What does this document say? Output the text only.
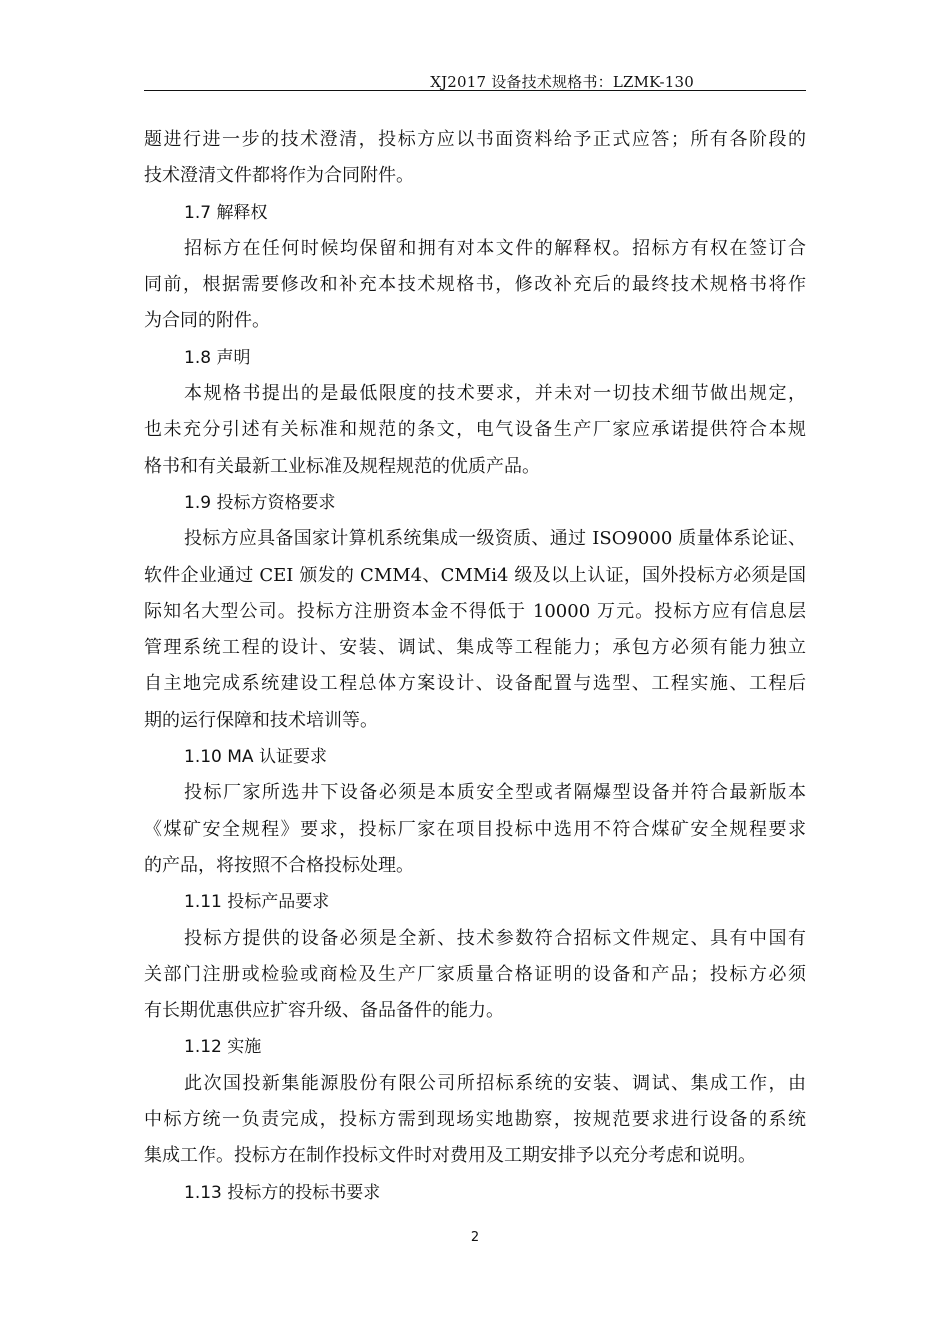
XJ2017 设备技术规格书：LZMK-130
题进行进一步的技术澄清，投标方应以书面资料给予正式应答；所有各阶段的
技术澄清文件都将作为合同附件。
1.7 解释权
招标方在任何时候均保留和拥有对本文件的解释权。招标方有权在签订合
同前，根据需要修改和补充本技术规格书，修改补充后的最终技术规格书将作
为合同的附件。
1.8 声明
本规格书提出的是最低限度的技术要求，并未对一切技术细节做出规定，
也未充分引述有关标准和规范的条文，电气设备生产厂家应承诺提供符合本规
格书和有关最新工业标准及规程规范的优质产品。
1.9 投标方资格要求
投标方应具备国家计算机系统集成一级资质、通过 ISO9000 质量体系论证、
软件企业通过 CEI 颁发的 CMM4、CMMi4 级及以上认证，国外投标方必须是国
际知名大型公司。投标方注册资本金不得低于 10000 万元。投标方应有信息层
管理系统工程的设计、安装、调试、集成等工程能力；承包方必须有能力独立
自主地完成系统建设工程总体方案设计、设备配置与选型、工程实施、工程后
期的运行保障和技术培训等。
1.10 MA 认证要求
投标厂家所选井下设备必须是本质安全型或者隔爆型设备并符合最新版本
《煤矿安全规程》要求，投标厂家在项目投标中选用不符合煤矿安全规程要求
的产品，将按照不合格投标处理。
1.11 投标产品要求
投标方提供的设备必须是全新、技术参数符合招标文件规定、具有中国有
关部门注册或检验或商检及生产厂家质量合格证明的设备和产品；投标方必须
有长期优惠供应扩容升级、备品备件的能力。
1.12 实施
此次国投新集能源股份有限公司所招标系统的安装、调试、集成工作，由
中标方统一负责完成，投标方需到现场实地勘察，按规范要求进行设备的系统
集成工作。投标方在制作投标文件时对费用及工期安排予以充分考虑和说明。
1.13 投标方的投标书要求
2
